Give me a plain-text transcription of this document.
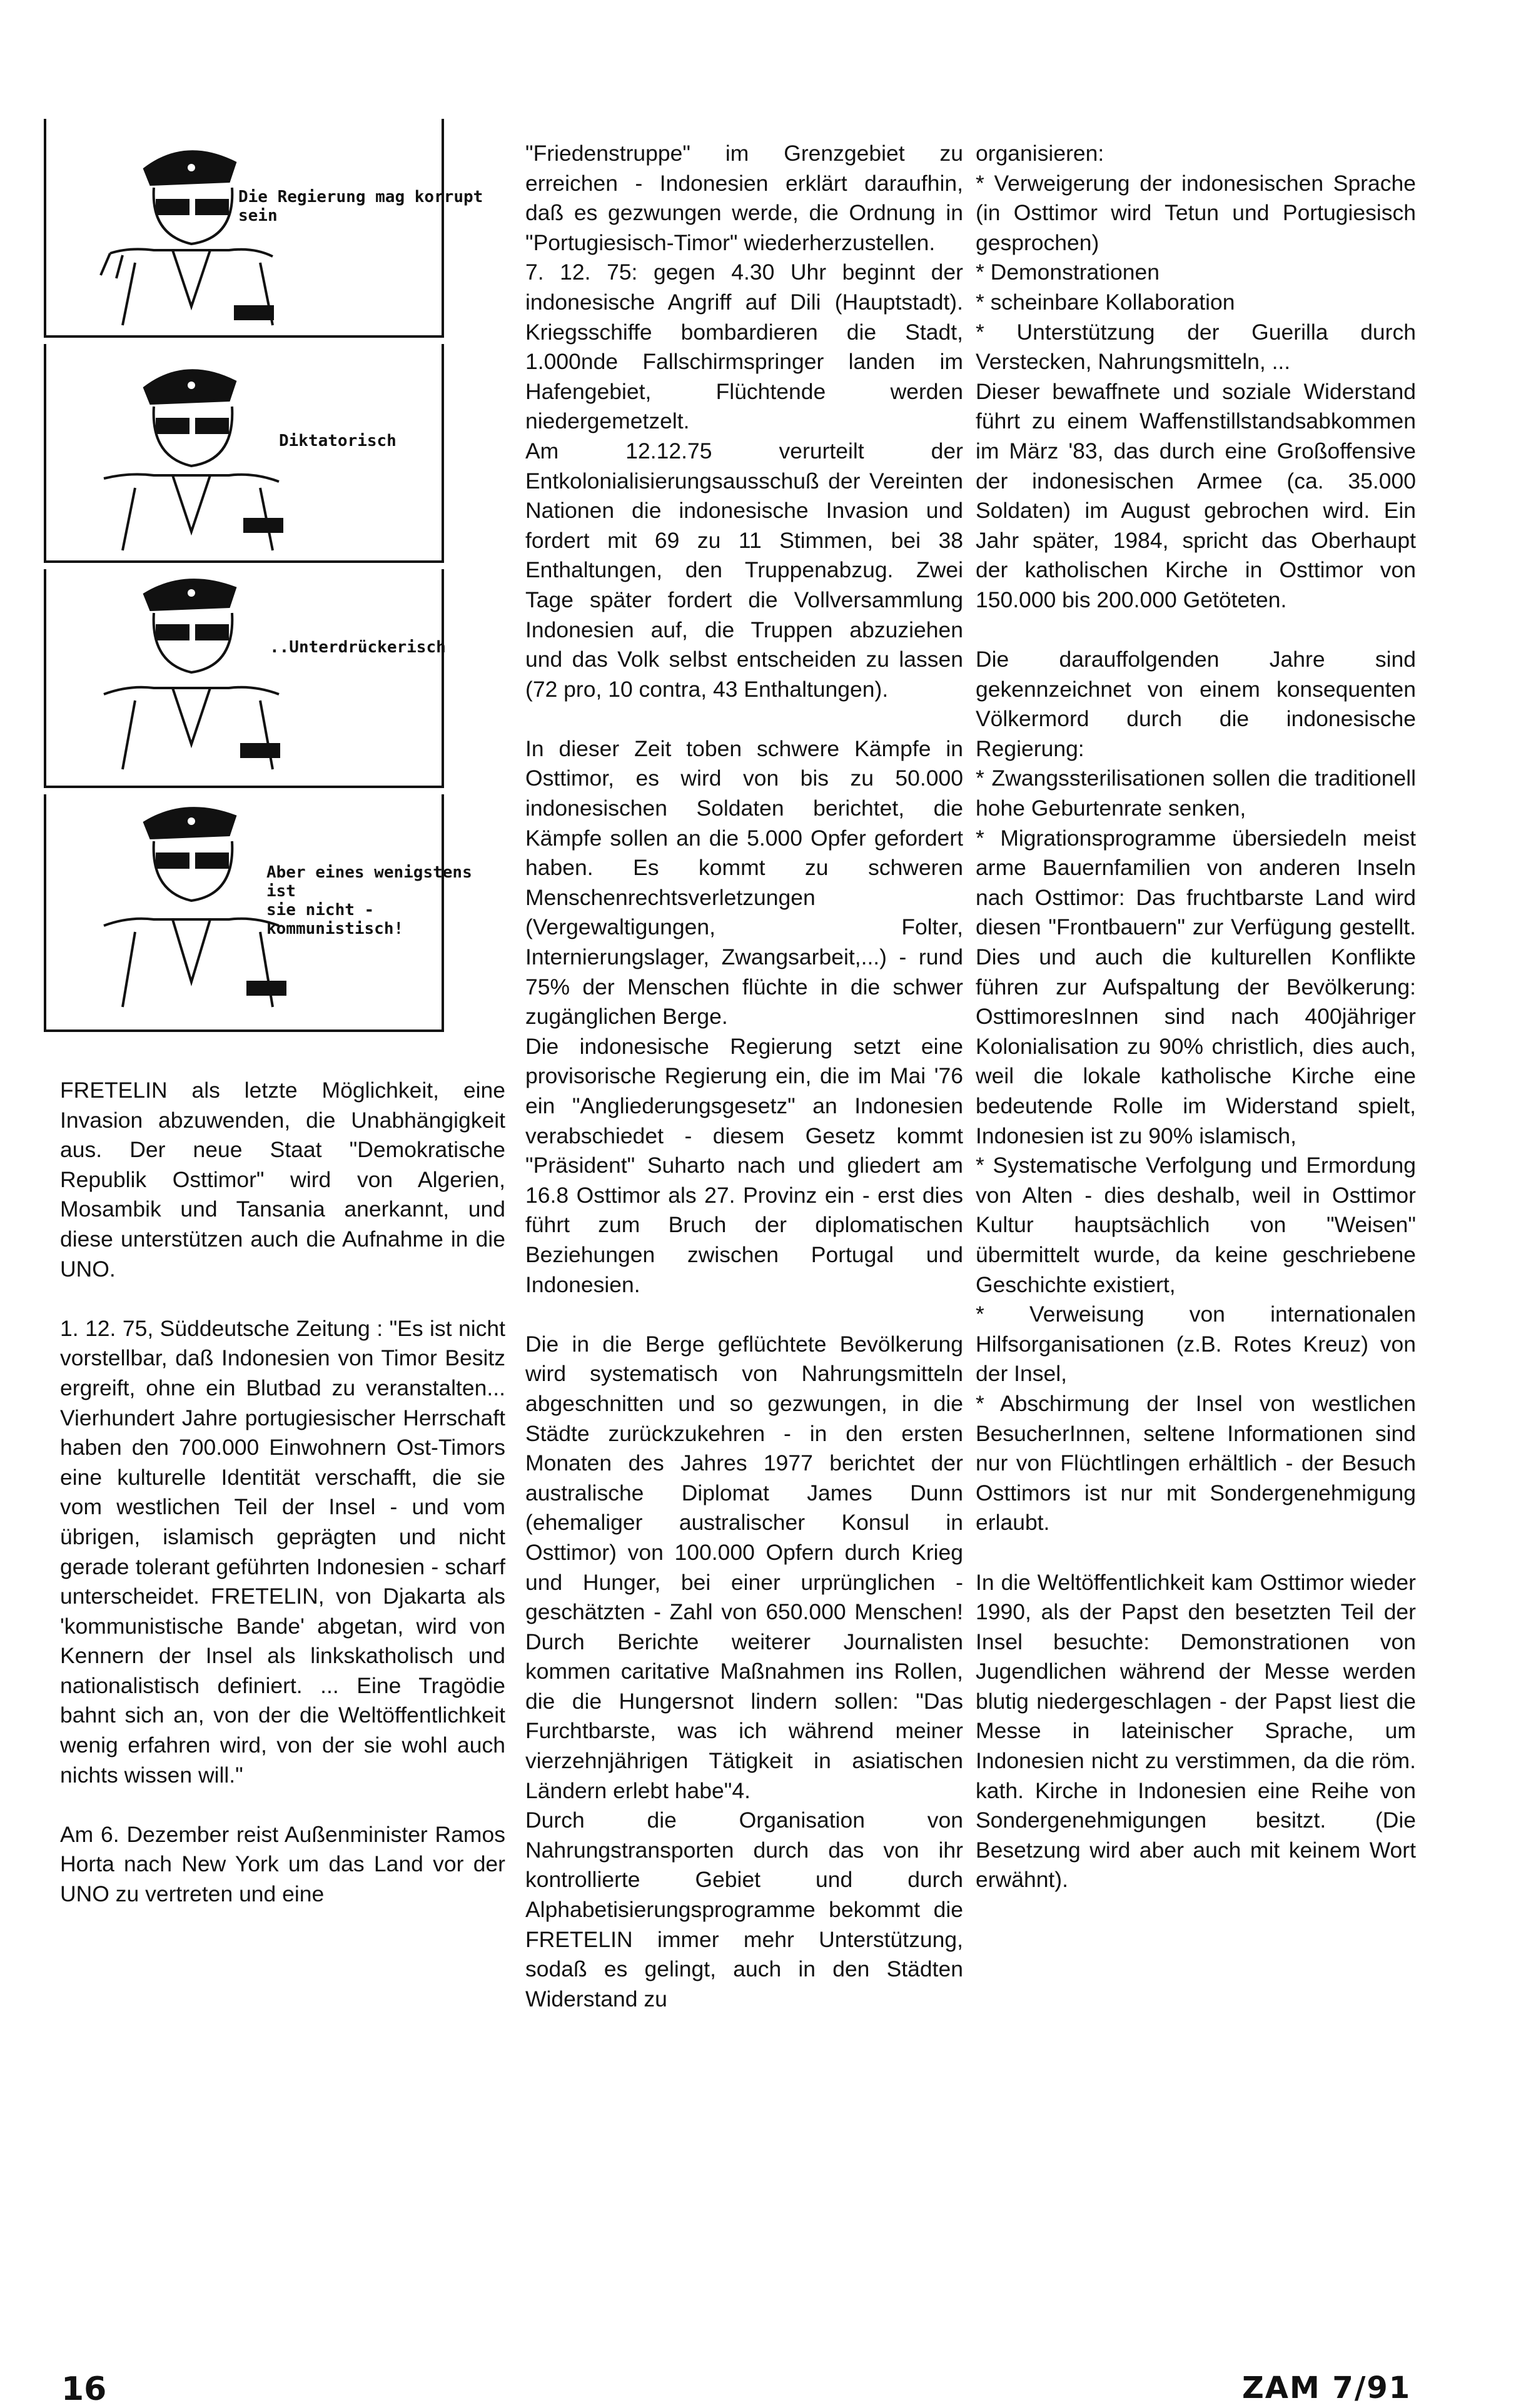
Die Regierung mag korrupt
sein
Diktatorisch
..Unterdrückerisch
Aber eines wenigstens ist
sie nicht - kommunistisch!

FRETELIN als letzte Möglichkeit, eine Invasion abzuwenden, die Unabhängigkeit aus. Der neue Staat "Demokratische Republik Osttimor" wird von Algerien, Mosambik und Tansania anerkannt, und diese unterstützen auch die Aufnahme in die UNO.

1. 12. 75, Süddeutsche Zeitung : "Es ist nicht vorstellbar, daß Indonesien von Timor Besitz ergreift, ohne ein Blutbad zu veranstalten... Vierhundert Jahre portugiesischer Herrschaft haben den 700.000 Einwohnern Ost-Timors eine kulturelle Identität verschafft, die sie vom westlichen Teil der Insel - und vom übrigen, islamisch geprägten und nicht gerade tolerant geführten Indonesien - scharf unterscheidet. FRETELIN, von Djakarta als 'kommunistische Bande' abgetan, wird von Kennern der Insel als linkskatholisch und nationalistisch definiert. ... Eine Tragödie bahnt sich an, von der die Weltöffentlichkeit wenig erfahren wird, von der sie wohl auch nichts wissen will."

Am 6. Dezember reist Außenminister Ramos Horta nach New York um das Land vor der UNO zu vertreten und eine

"Friedenstruppe" im Grenzgebiet zu erreichen - Indonesien erklärt daraufhin, daß es gezwungen werde, die Ordnung in "Portugiesisch-Timor" wiederherzustellen.

7. 12. 75: gegen 4.30 Uhr beginnt der indonesische Angriff auf Dili (Hauptstadt). Kriegsschiffe bombardieren die Stadt, 1.000nde Fallschirmspringer landen im Hafengebiet, Flüchtende werden niedergemetzelt.

Am 12.12.75 verurteilt der Entkolonialisierungsausschuß der Vereinten Nationen die indonesische Invasion und fordert mit 69 zu 11 Stimmen, bei 38 Enthaltungen, den Truppenabzug. Zwei Tage später fordert die Vollversammlung Indonesien auf, die Truppen abzuziehen und das Volk selbst entscheiden zu lassen (72 pro, 10 contra, 43 Enthaltungen).

In dieser Zeit toben schwere Kämpfe in Osttimor, es wird von bis zu 50.000 indonesischen Soldaten berichtet, die Kämpfe sollen an die 5.000 Opfer gefordert haben. Es kommt zu schweren Menschenrechtsverletzungen (Vergewaltigungen, Folter, Internierungslager, Zwangsarbeit,...) - rund 75% der Menschen flüchte in die schwer zugänglichen Berge.

Die indonesische Regierung setzt eine provisorische Regierung ein, die im Mai '76 ein "Angliederungsgesetz" an Indonesien verabschiedet - diesem Gesetz kommt "Präsident" Suharto nach und gliedert am 16.8 Osttimor als 27. Provinz ein - erst dies führt zum Bruch der diplomatischen Beziehungen zwischen Portugal und Indonesien.

Die in die Berge geflüchtete Bevölkerung wird systematisch von Nahrungsmitteln abgeschnitten und so gezwungen, in die Städte zurückzukehren - in den ersten Monaten des Jahres 1977 berichtet der australische Diplomat James Dunn (ehemaliger australischer Konsul in Osttimor) von 100.000 Opfern durch Krieg und Hunger, bei einer urprünglichen - geschätzten - Zahl von 650.000 Menschen! Durch Berichte weiterer Journalisten kommen caritative Maßnahmen ins Rollen, die die Hungersnot lindern sollen: "Das Furchtbarste, was ich während meiner vierzehnjährigen Tätigkeit in asiatischen Ländern erlebt habe"4.

Durch die Organisation von Nahrungstransporten durch das von ihr kontrollierte Gebiet und durch Alphabetisierungsprogramme bekommt die FRETELIN immer mehr Unterstützung, sodaß es gelingt, auch in den Städten Widerstand zu

organisieren:

* Verweigerung der indonesischen Sprache (in Osttimor wird Tetun und Portugiesisch gesprochen)

* Demonstrationen

* scheinbare Kollaboration

* Unterstützung der Guerilla durch Verstecken, Nahrungsmitteln, ...

Dieser bewaffnete und soziale Widerstand führt zu einem Waffenstillstandsabkommen im März '83, das durch eine Großoffensive der indonesischen Armee (ca. 35.000 Soldaten) im August gebrochen wird. Ein Jahr später, 1984, spricht das Oberhaupt der katholischen Kirche in Osttimor von 150.000 bis 200.000 Getöteten.

Die darauffolgenden Jahre sind gekennzeichnet von einem konsequenten Völkermord durch die indonesische Regierung:

* Zwangssterilisationen sollen die traditionell hohe Geburtenrate senken,

* Migrationsprogramme übersiedeln meist arme Bauernfamilien von anderen Inseln nach Osttimor: Das fruchtbarste Land wird diesen "Frontbauern" zur Verfügung gestellt. Dies und auch die kulturellen Konflikte führen zur Aufspaltung der Bevölkerung: OsttimoresInnen sind nach 400jähriger Kolonialisation zu 90% christlich, dies auch, weil die lokale katholische Kirche eine bedeutende Rolle im Widerstand spielt, Indonesien ist zu 90% islamisch,

* Systematische Verfolgung und Ermordung von Alten - dies deshalb, weil in Osttimor Kultur hauptsächlich von "Weisen" übermittelt wurde, da keine geschriebene Geschichte existiert,

* Verweisung von internationalen Hilfsorganisationen (z.B. Rotes Kreuz) von der Insel,

* Abschirmung der Insel von westlichen BesucherInnen, seltene Informationen sind nur von Flüchtlingen erhältlich - der Besuch Osttimors ist nur mit Sondergenehmigung erlaubt.

In die Weltöffentlichkeit kam Osttimor wieder 1990, als der Papst den besetzten Teil der Insel besuchte: Demonstrationen von Jugendlichen während der Messe werden blutig niedergeschlagen - der Papst liest die Messe in lateinischer Sprache, um Indonesien nicht zu verstimmen, da die röm. kath. Kirche in Indonesien eine Reihe von Sondergenehmigungen besitzt. (Die Besetzung wird aber auch mit keinem Wort erwähnt).

16	ZAM 7/91
